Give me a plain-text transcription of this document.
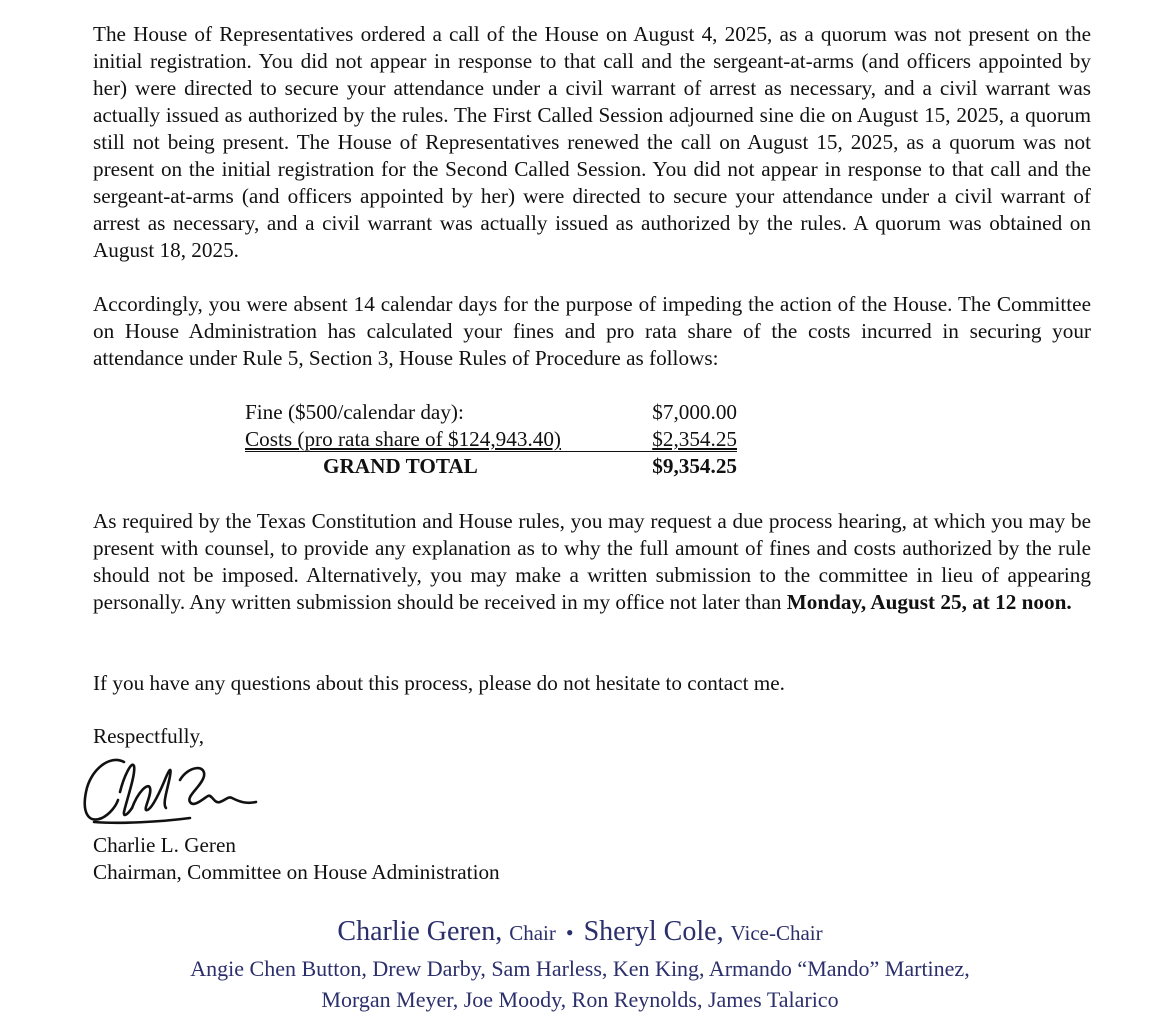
The House of Representatives ordered a call of the House on August 4, 2025, as a quorum was not present on the initial registration. You did not appear in response to that call and the sergeant-at-arms (and officers appointed by her) were directed to secure your attendance under a civil warrant of arrest as necessary, and a civil warrant was actually issued as authorized by the rules. The First Called Session adjourned sine die on August 15, 2025, a quorum still not being present. The House of Representatives renewed the call on August 15, 2025, as a quorum was not present on the initial registration for the Second Called Session. You did not appear in response to that call and the sergeant-at-arms (and officers appointed by her) were directed to secure your attendance under a civil warrant of arrest as necessary, and a civil warrant was actually issued as authorized by the rules. A quorum was obtained on August 18, 2025.

Accordingly, you were absent 14 calendar days for the purpose of impeding the action of the House. The Committee on House Administration has calculated your fines and pro rata share of the costs incurred in securing your attendance under Rule 5, Section 3, House Rules of Procedure as follows:

Fine ($500/calendar day):	$7,000.00
Costs (pro rata share of $124,943.40)	$2,354.25
GRAND TOTAL	$9,354.25

As required by the Texas Constitution and House rules, you may request a due process hearing, at which you may be present with counsel, to provide any explanation as to why the full amount of fines and costs authorized by the rule should not be imposed. Alternatively, you may make a written submission to the committee in lieu of appearing personally. Any written submission should be received in my office not later than Monday, August 25, at 12 noon.

If you have any questions about this process, please do not hesitate to contact me.

Respectfully,

Charlie L. Geren
Chairman, Committee on House Administration
Charlie Geren, Chair • Sheryl Cole, Vice-Chair
Angie Chen Button, Drew Darby, Sam Harless, Ken King, Armando “Mando” Martinez,
Morgan Meyer, Joe Moody, Ron Reynolds, James Talarico
